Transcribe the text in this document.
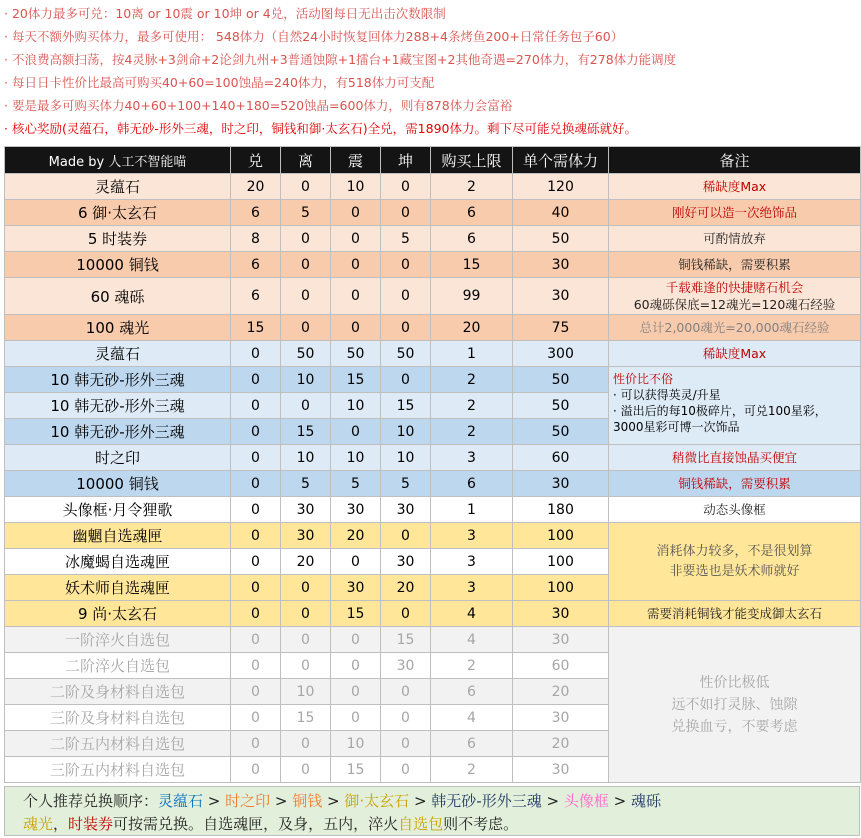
· 20体力最多可兑：10离 or 10震 or 10坤 or 4兑，活动图每日无出击次数限制
· 每天不额外购买体力，最多可使用： 548体力（自然24小时恢复回体力288+4条烤鱼200+日常任务包子60）
· 不浪费高额扫荡，按4灵脉+3剑命+2论剑九州+3普通蚀隙+1擂台+1藏宝图+2其他奇遇=270体力，有278体力能调度
· 每日日卡性价比最高可购买40+60=100蚀晶=240体力，有518体力可支配
· 要是最多可购买体力40+60+100+140+180=520蚀晶=600体力，则有878体力会富裕
· 核心奖励(灵蕴石，韩无砂-形外三魂，时之印，铜钱和御·太玄石)全兑，需1890体力。剩下尽可能兑换魂砾就好。
Made by 人工不智能喵	兑	离	震	坤	购买上限	单个需体力	备注
灵蕴石	20	0	10	0	2	120	稀缺度Max

6 御·太玄石	6	5	0	0	6	40	刚好可以造一次绝饰品

5 时装券	8	0	0	5	6	50	可酌情放弃

10000 铜钱	6	0	0	0	15	30	铜钱稀缺，需要积累

60 魂砾	6	0	0	0	99	30	千载难逢的快捷赌石机会
60魂砾保底=12魂光=120魂石经验

100 魂光	15	0	0	0	20	75	总计2,000魂光=20,000魂石经验

灵蕴石	0	50	50	50	1	300	稀缺度Max

10 韩无砂-形外三魂	0	10	15	0	2	50	性价比不俗
· 可以获得英灵/升星
· 溢出后的每10极碎片，可兑100星彩，3000星彩可博一次饰品

10 韩无砂-形外三魂	0	0	10	15	2	50	
10 韩无砂-形外三魂	0	15	0	10	2	50	
时之印	0	10	10	10	3	60	稍微比直接蚀晶买便宜

10000 铜钱	0	5	5	5	6	30	铜钱稀缺，需要积累

头像框·月令狸歌	0	30	30	30	1	180	动态头像框

幽魍自选魂匣	0	30	20	0	3	100	消耗体力较多，不是很划算
非要选也是妖术师就好

冰魔蝎自选魂匣	0	20	0	30	3	100	
妖术师自选魂匣	0	0	30	20	3	100	
9 尚·太玄石	0	0	15	0	4	30	需要消耗铜钱才能变成御太玄石

一阶淬火自选包	0	0	0	15	4	30	性价比极低
远不如打灵脉、蚀隙
兑换血亏，不要考虑

二阶淬火自选包	0	0	0	30	2	60	
二阶及身材料自选包	0	10	0	0	6	20	
三阶及身材料自选包	0	15	0	0	4	30	
二阶五内材料自选包	0	0	10	0	6	20	
三阶五内材料自选包	0	0	15	0	2	30	
个人推荐兑换顺序：灵蕴石 > 时之印 > 铜钱 > 御·太玄石 > 韩无砂-形外三魂 > 头像框 > 魂砾
魂光，时装券可按需兑换。自选魂匣，及身，五内，淬火自选包则不考虑。
